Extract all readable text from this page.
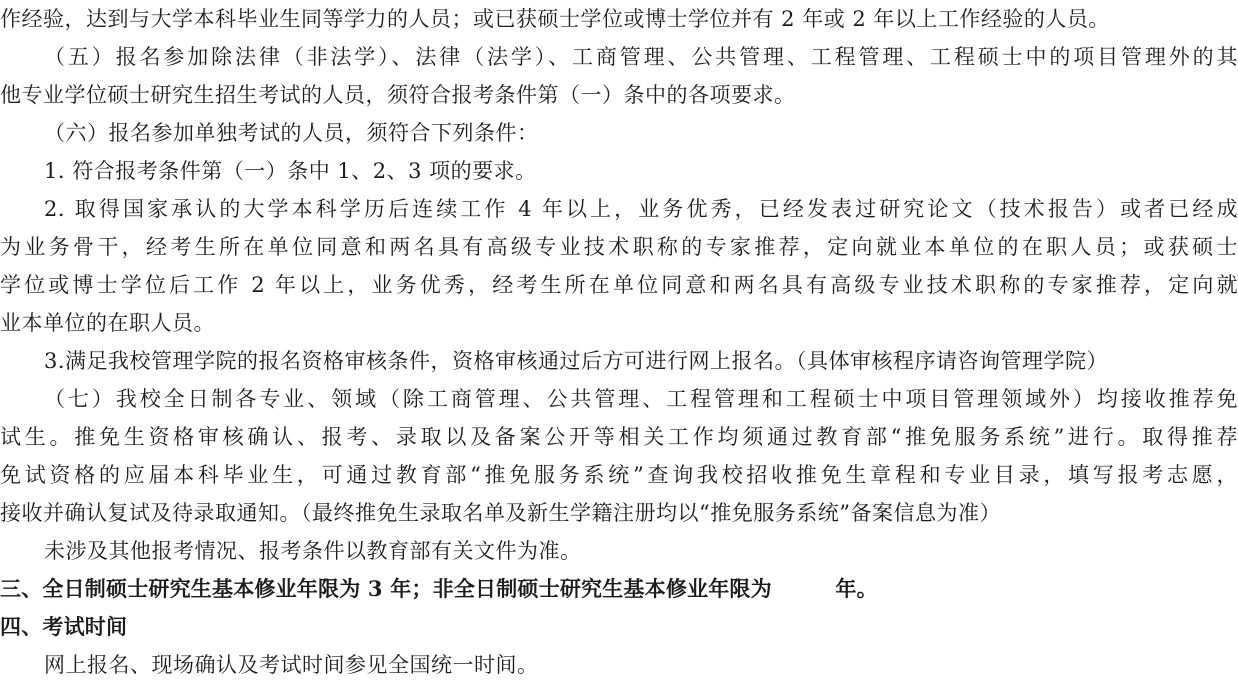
作经验，达到与大学本科毕业生同等学力的人员；或已获硕士学位或博士学位并有 2 年或 2 年以上工作经验的人员。
（五）报名参加除法律（非法学）、法律（法学）、工商管理、公共管理、工程管理、工程硕士中的项目管理外的其
他专业学位硕士研究生招生考试的人员，须符合报考条件第（一）条中的各项要求。
（六）报名参加单独考试的人员，须符合下列条件：
1. 符合报考条件第（一）条中 1、2、3 项的要求。
2. 取得国家承认的大学本科学历后连续工作 4 年以上，业务优秀，已经发表过研究论文（技术报告）或者已经成
为业务骨干，经考生所在单位同意和两名具有高级专业技术职称的专家推荐，定向就业本单位的在职人员；或获硕士
学位或博士学位后工作 2 年以上，业务优秀，经考生所在单位同意和两名具有高级专业技术职称的专家推荐，定向就
业本单位的在职人员。
3.满足我校管理学院的报名资格审核条件，资格审核通过后方可进行网上报名。（具体审核程序请咨询管理学院）
（七）我校全日制各专业、领域（除工商管理、公共管理、工程管理和工程硕士中项目管理领域外）均接收推荐免
试生。推免生资格审核确认、报考、录取以及备案公开等相关工作均须通过教育部“推免服务系统”进行。取得推荐
免试资格的应届本科毕业生，可通过教育部“推免服务系统”查询我校招收推免生章程和专业目录，填写报考志愿，
接收并确认复试及待录取通知。（最终推免生录取名单及新生学籍注册均以“推免服务系统”备案信息为准）
未涉及其他报考情况、报考条件以教育部有关文件为准。
三、全日制硕士研究生基本修业年限为 3 年；非全日制硕士研究生基本修业年限为　　　年。
四、考试时间
网上报名、现场确认及考试时间参见全国统一时间。
